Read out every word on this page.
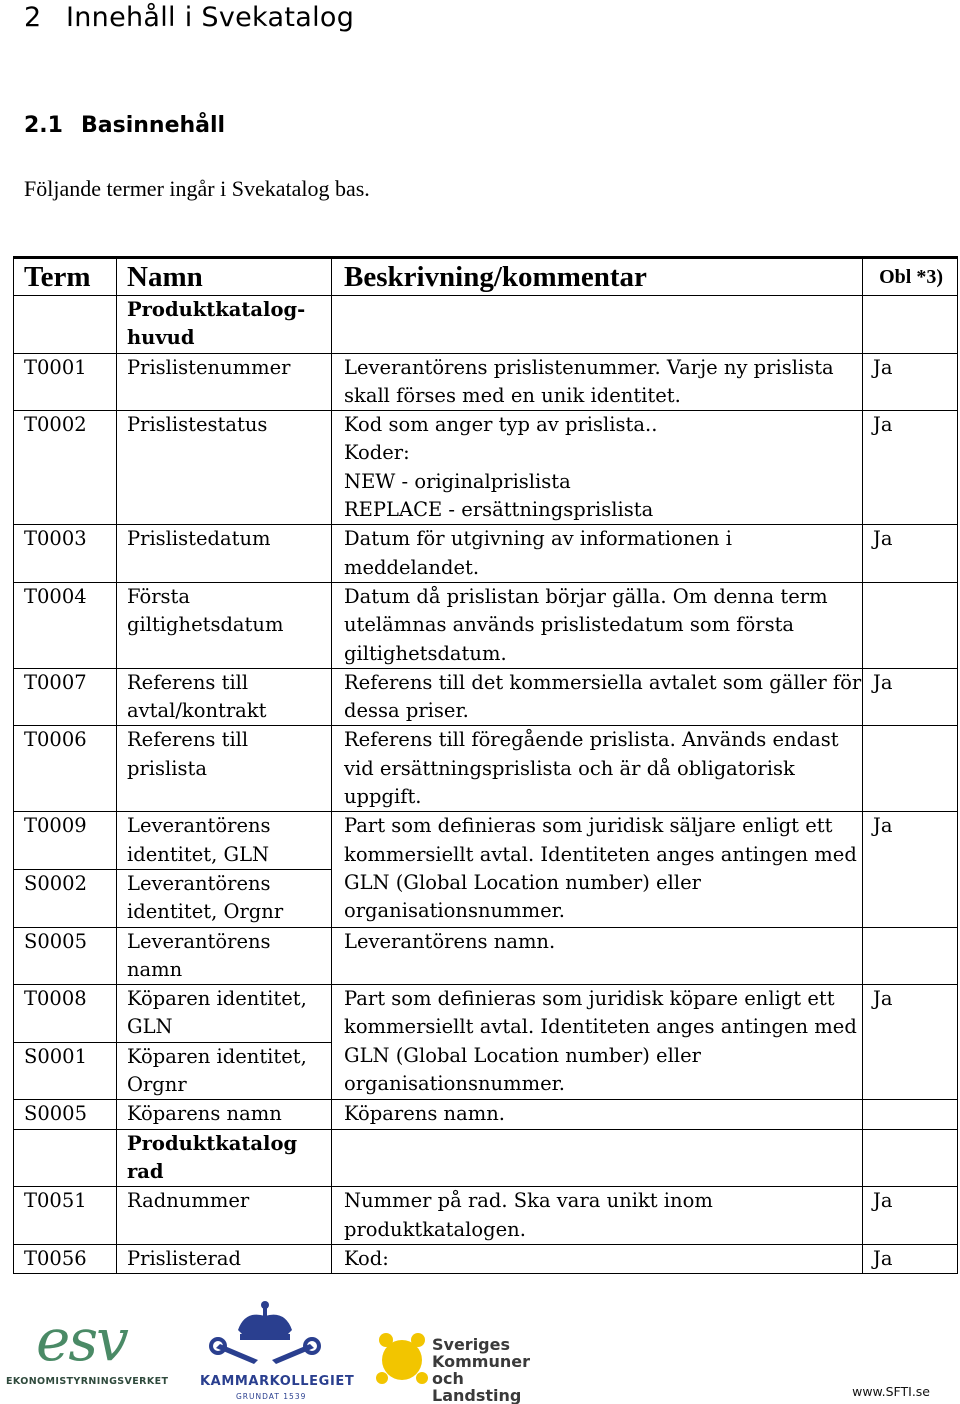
2 Innehåll i Svekatalog
2.1 Basinnehåll
Följande termer ingår i Svekatalog bas.
Term	Namn	Beskrivning/kommentar	Obl *3)

	Produktkatalog-
huvud		

T0001	Prislistenummer	Leverantörens prislistenummer. Varje ny prislista
skall förses med en unik identitet.	Ja
T0002	Prislistestatus	Kod som anger typ av prislista..
Koder:
NEW - originalprislista
REPLACE - ersättningsprislista	Ja
T0003	Prislistedatum	Datum för utgivning av informationen i
meddelandet.	Ja
T0004	Första
giltighetsdatum	Datum då prislistan börjar gälla. Om denna term
utelämnas används prislistedatum som första
giltighetsdatum.	

T0007	Referens till
avtal/kontrakt	Referens till det kommersiella avtalet som gäller för
dessa priser.	Ja
T0006	Referens till
prislista	Referens till föregående prislista. Används endast
vid ersättningsprislista och är då obligatorisk
uppgift.	

T0009	Leverantörens
identitet, GLN	Part som definieras som juridisk säljare enligt ett
kommersiellt avtal. Identiteten anges antingen med
GLN (Global Location number) eller
organisationsnummer.	Ja
S0002	Leverantörens
identitet, Orgnr		

S0005	Leverantörens
namn	Leverantörens namn.	

T0008	Köparen identitet,
GLN	Part som definieras som juridisk köpare enligt ett
kommersiellt avtal. Identiteten anges antingen med
GLN (Global Location number) eller
organisationsnummer.	Ja
S0001	Köparen identitet,
Orgnr		

S0005	Köparens namn	Köparens namn.	

	Produktkatalog
rad		

T0051	Radnummer	Nummer på rad. Ska vara unikt inom
produktkatalogen.	Ja
T0056	Prislisterad	Kod:	Ja
esv
EKONOMISTYRNINGSVERKET KAMMARKOLLEGIET
GRUNDAT 1539
Sveriges
Kommuner
och Landsting	www.SFTI.se
